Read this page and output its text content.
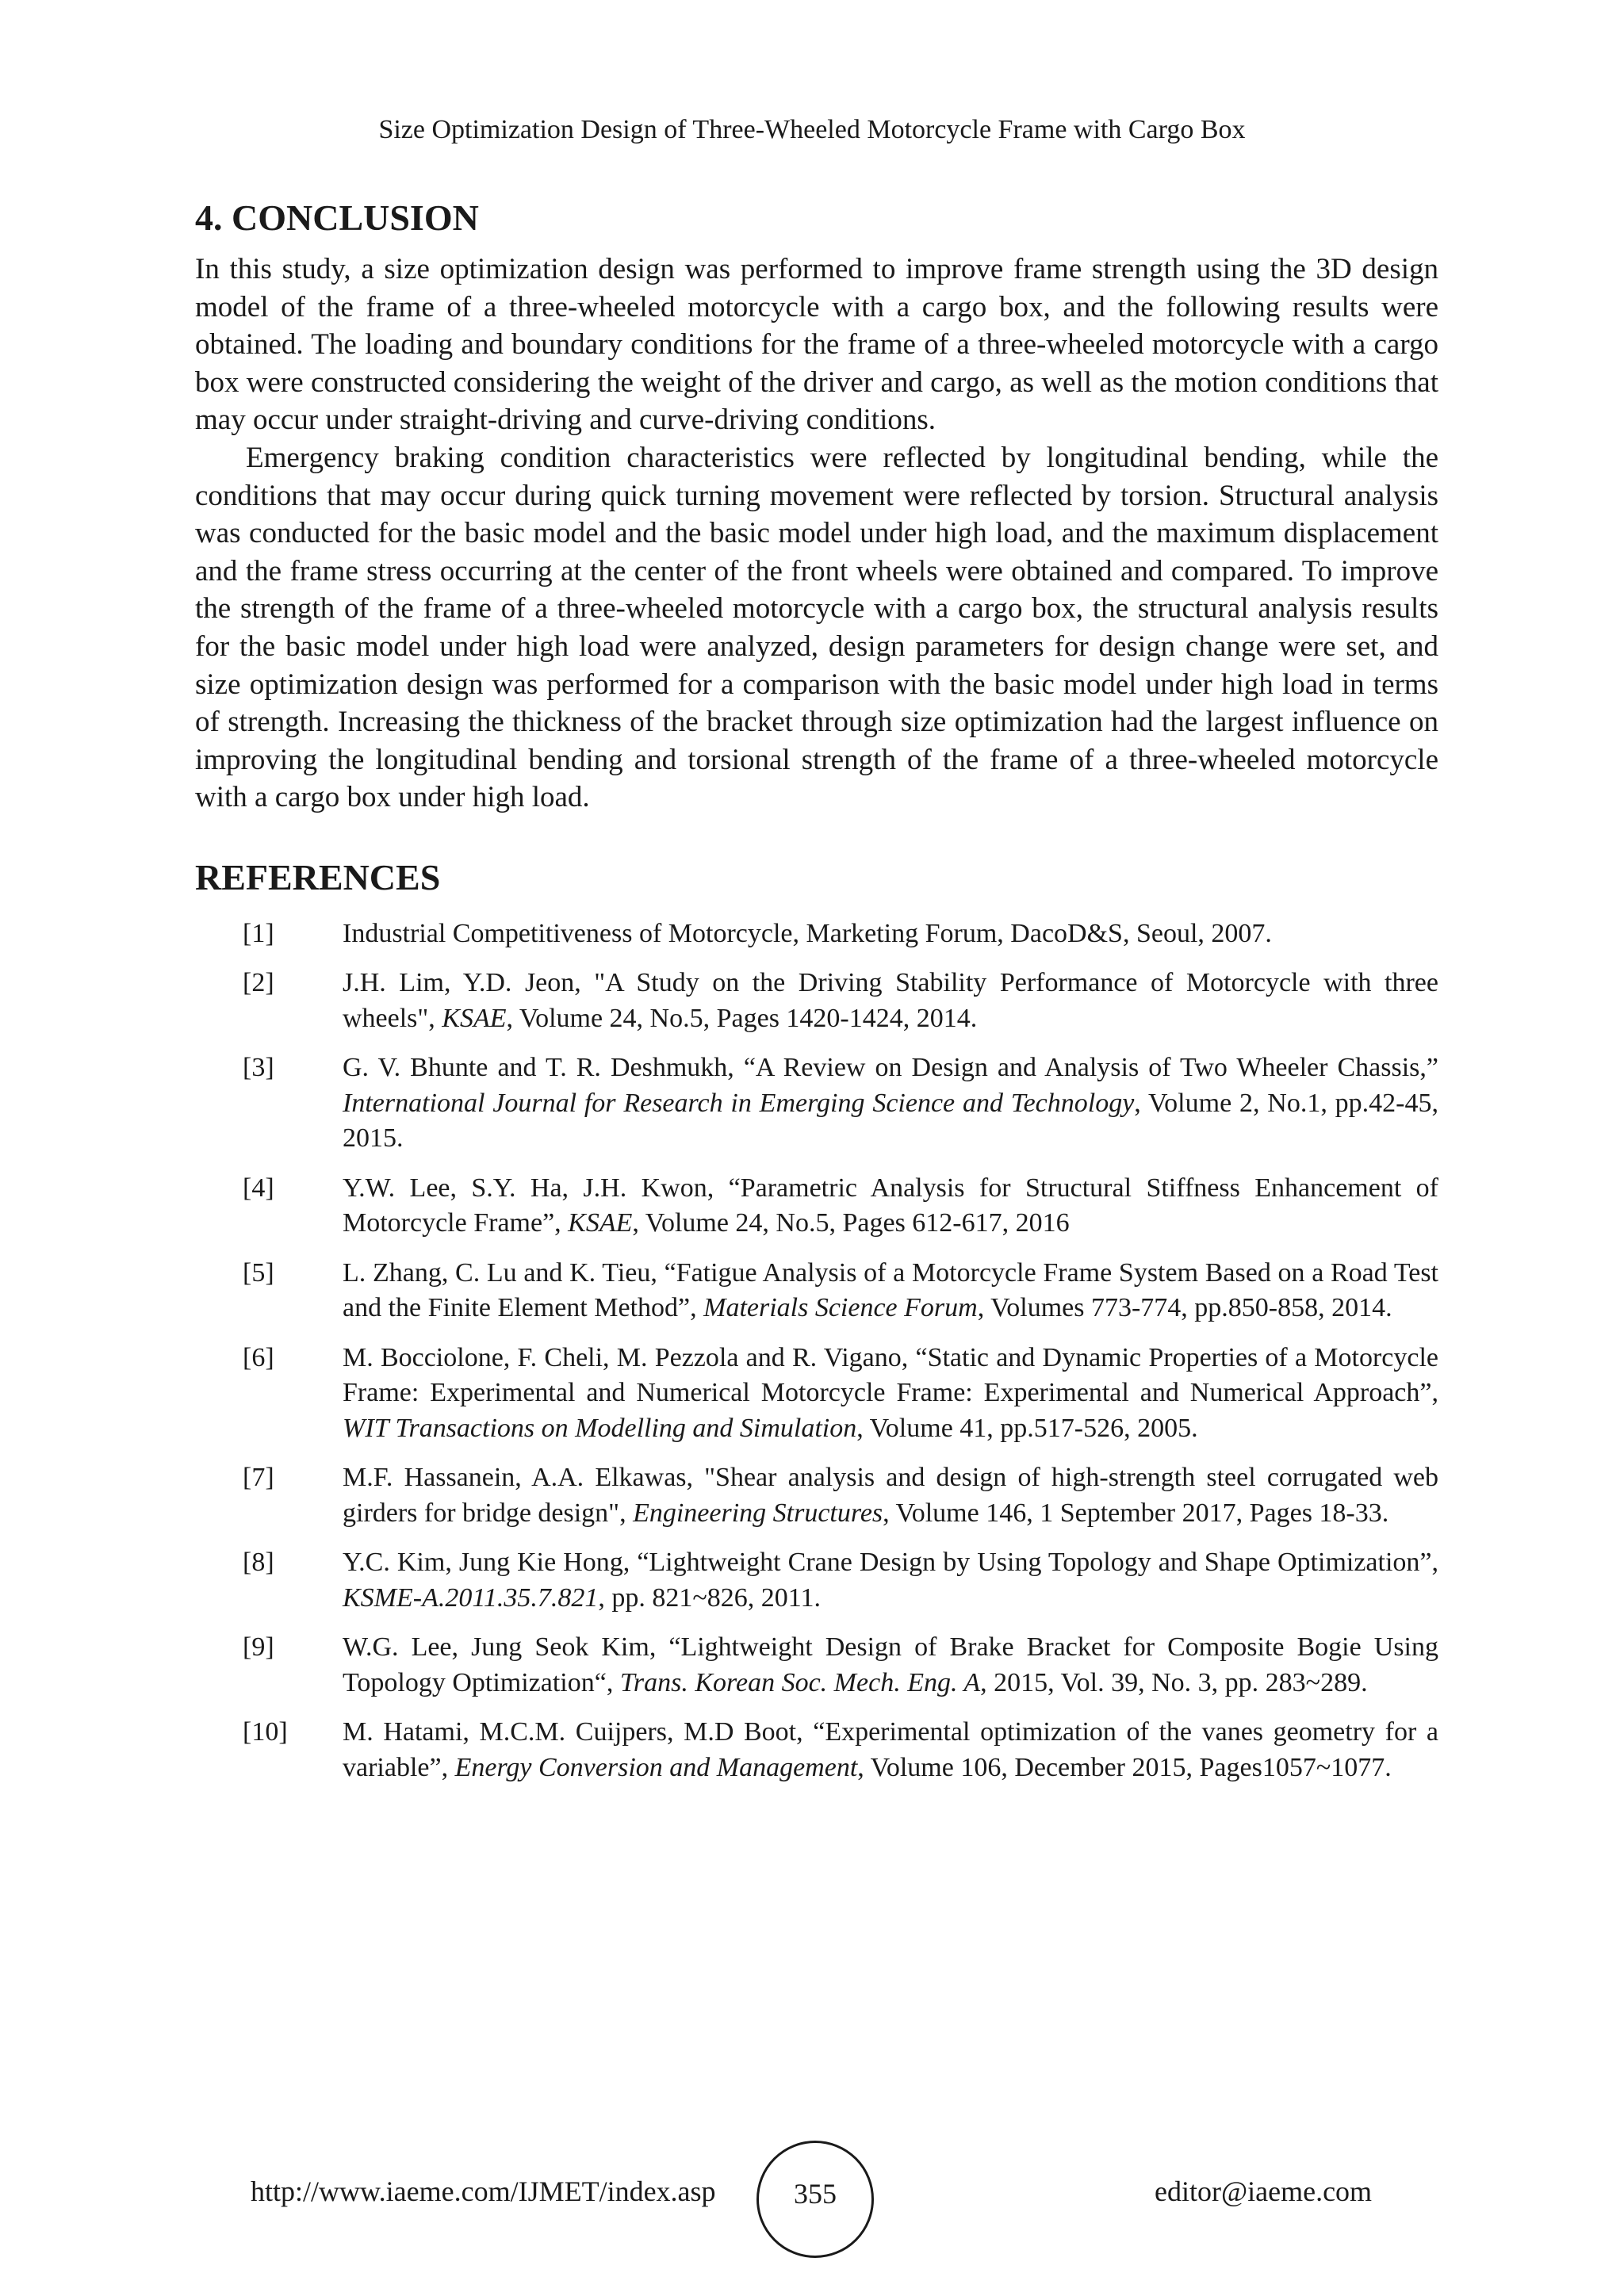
Size Optimization Design of Three-Wheeled Motorcycle Frame with Cargo Box
4. CONCLUSION

In this study, a size optimization design was performed to improve frame strength using the 3D design model of the frame of a three-wheeled motorcycle with a cargo box, and the following results were obtained. The loading and boundary conditions for the frame of a three-wheeled motorcycle with a cargo box were constructed considering the weight of the driver and cargo, as well as the motion conditions that may occur under straight-driving and curve-driving conditions.

Emergency braking condition characteristics were reflected by longitudinal bending, while the conditions that may occur during quick turning movement were reflected by torsion. Structural analysis was conducted for the basic model and the basic model under high load, and the maximum displacement and the frame stress occurring at the center of the front wheels were obtained and compared. To improve the strength of the frame of a three-wheeled motorcycle with a cargo box, the structural analysis results for the basic model under high load were analyzed, design parameters for design change were set, and size optimization design was performed for a comparison with the basic model under high load in terms of strength. Increasing the thickness of the bracket through size optimization had the largest influence on improving the longitudinal bending and torsional strength of the frame of a three-wheeled motorcycle with a cargo box under high load.

REFERENCES
[1]	Industrial Competitiveness of Motorcycle, Marketing Forum, DacoD&S, Seoul, 2007.
[2]	J.H. Lim, Y.D. Jeon, "A Study on the Driving Stability Performance of Motorcycle with three wheels", KSAE, Volume 24, No.5, Pages 1420-1424, 2014.
[3]	G. V. Bhunte and T. R. Deshmukh, “A Review on Design and Analysis of Two Wheeler Chassis,” International Journal for Research in Emerging Science and Technology, Volume 2, No.1, pp.42-45, 2015.
[4]	Y.W. Lee, S.Y. Ha, J.H. Kwon, “Parametric Analysis for Structural Stiffness Enhancement of Motorcycle Frame”, KSAE, Volume 24, No.5, Pages 612-617, 2016
[5]	L. Zhang, C. Lu and K. Tieu, “Fatigue Analysis of a Motorcycle Frame System Based on a Road Test and the Finite Element Method”, Materials Science Forum, Volumes 773-774, pp.850-858, 2014.
[6]	M. Bocciolone, F. Cheli, M. Pezzola and R. Vigano, “Static and Dynamic Properties of a Motorcycle Frame: Experimental and Numerical Motorcycle Frame: Experimental and Numerical Approach”, WIT Transactions on Modelling and Simulation, Volume 41, pp.517-526, 2005.
[7]	M.F. Hassanein, A.A. Elkawas, "Shear analysis and design of high-strength steel corrugated web girders for bridge design", Engineering Structures, Volume 146, 1 September 2017, Pages 18-33.
[8]	Y.C. Kim, Jung Kie Hong, “Lightweight Crane Design by Using Topology and Shape Optimization”, KSME-A.2011.35.7.821, pp. 821~826, 2011.
[9]	W.G. Lee, Jung Seok Kim, “Lightweight Design of Brake Bracket for Composite Bogie Using Topology Optimization“, Trans. Korean Soc. Mech. Eng. A, 2015, Vol. 39, No. 3, pp. 283~289.
[10] M. Hatami, M.C.M. Cuijpers, M.D Boot, “Experimental optimization of the vanes geometry for a variable”, Energy Conversion and Management, Volume 106, December 2015, Pages1057~1077.
http://www.iaeme.com/IJMET/index.asp	355	editor@iaeme.com
